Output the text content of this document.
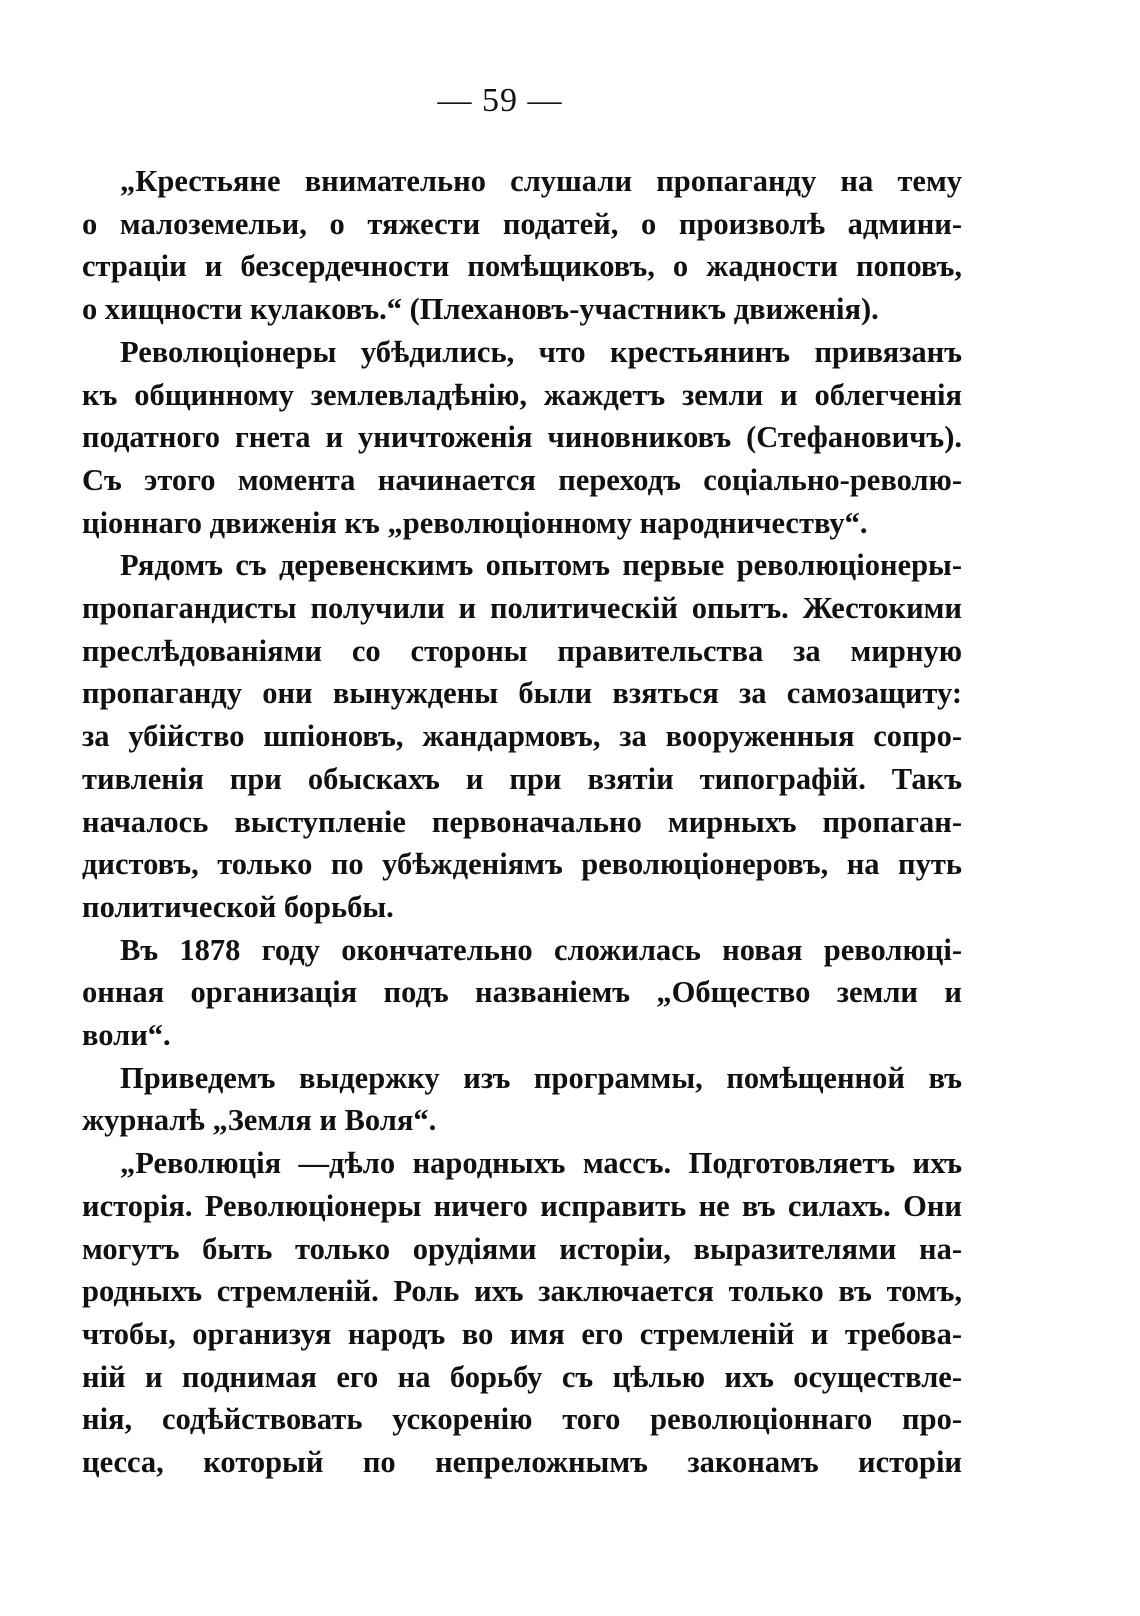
— 59 —

„Крестьяне внимательно слушали пропаганду на тему
о малоземельи, о тяжести податей, о произволѣ админи-
страціи и безсердечности помѣщиковъ, о жадности поповъ,
о хищности кулаковъ.“ (Плехановъ-участникъ движенія).

Революціонеры убѣдились, что крестьянинъ привязанъ
къ общинному землевладѣнію, жаждетъ земли и облегченія
податного гнета и уничтоженія чиновниковъ (Стефановичъ).
Съ этого момента начинается переходъ соціально-револю-
ціоннаго движенія къ „революціонному народничеству“.

Рядомъ съ деревенскимъ опытомъ первые революціонеры-
пропагандисты получили и политическій опытъ. Жестокими
преслѣдованіями со стороны правительства за мирную
пропаганду они вынуждены были взяться за самозащиту:
за убійство шпіоновъ, жандармовъ, за вооруженныя сопро-
тивленія при обыскахъ и при взятіи типографій. Такъ
началось выступленіе первоначально мирныхъ пропаган-
дистовъ, только по убѣжденіямъ революціонеровъ, на путь
политической борьбы.

Въ 1878 году окончательно сложилась новая революці-
онная организація подъ названіемъ „Общество земли и
воли“.

Приведемъ выдержку изъ программы, помѣщенной въ
журналѣ „Земля и Воля“.

„Революція —дѣло народныхъ массъ. Подготовляетъ ихъ
исторія. Революціонеры ничего исправить не въ силахъ. Они
могутъ быть только орудіями исторіи, выразителями на-
родныхъ стремленій. Роль ихъ заключается только въ томъ,
чтобы, организуя народъ во имя его стремленій и требова-
ній и поднимая его на борьбу съ цѣлью ихъ осуществле-
нія, содѣйствовать ускоренію того революціоннаго про-
цесса, который по непреложнымъ законамъ исторіи
